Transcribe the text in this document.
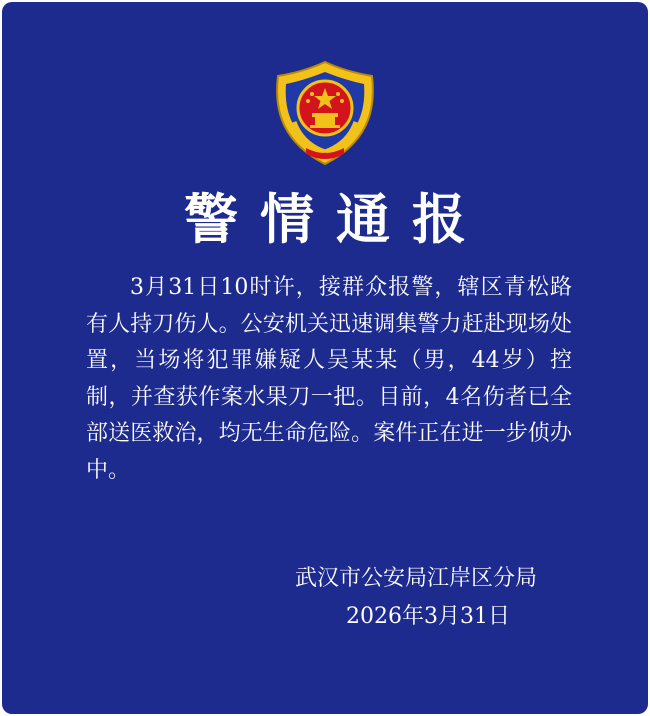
警情通报
3月31日10时许，接群众报警，辖区青松路有人持刀伤人。公安机关迅速调集警力赶赴现场处置，当场将犯罪嫌疑人吴某某（男，44岁）控制，并查获作案水果刀一把。目前，4名伤者已全部送医救治，均无生命危险。案件正在进一步侦办中。
武汉市公安局江岸区分局
2026年3月31日
